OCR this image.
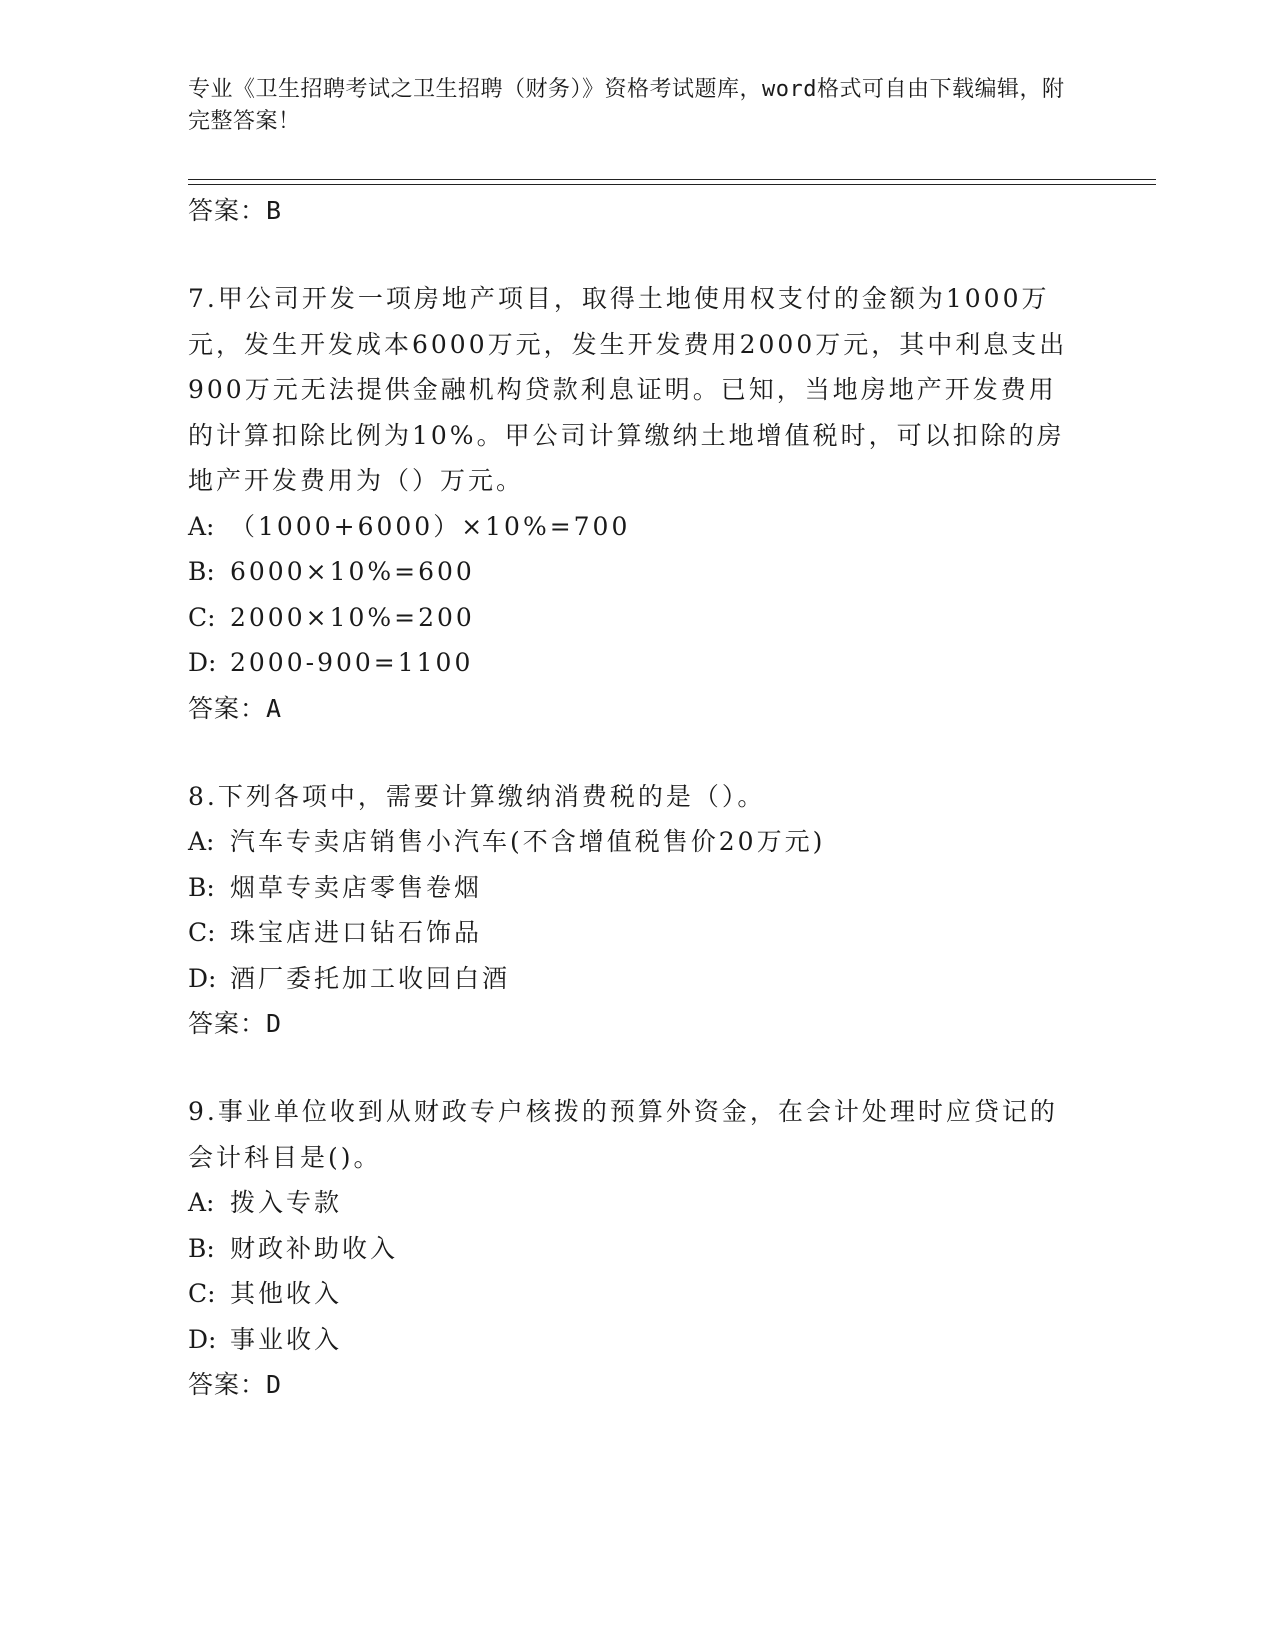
专业《卫生招聘考试之卫生招聘（财务）》资格考试题库，word格式可自由下载编辑，附完整答案！
答案：B

7.甲公司开发一项房地产项目，取得土地使用权支付的金额为1000万元，发生开发成本6000万元，发生开发费用2000万元，其中利息支出900万元无法提供金融机构贷款利息证明。已知，当地房地产开发费用的计算扣除比例为10%。甲公司计算缴纳土地增值税时，可以扣除的房地产开发费用为（）万元。

A: （1000+6000）×10%=700
B: 6000×10%=600
C: 2000×10%=200
D: 2000-900=1100
答案：A

8.下列各项中，需要计算缴纳消费税的是（）。

A: 汽车专卖店销售小汽车(不含增值税售价20万元)
B: 烟草专卖店零售卷烟
C: 珠宝店进口钻石饰品
D: 酒厂委托加工收回白酒
答案：D

9.事业单位收到从财政专户核拨的预算外资金，在会计处理时应贷记的会计科目是()。

A: 拨入专款
B: 财政补助收入
C: 其他收入
D: 事业收入
答案：D
